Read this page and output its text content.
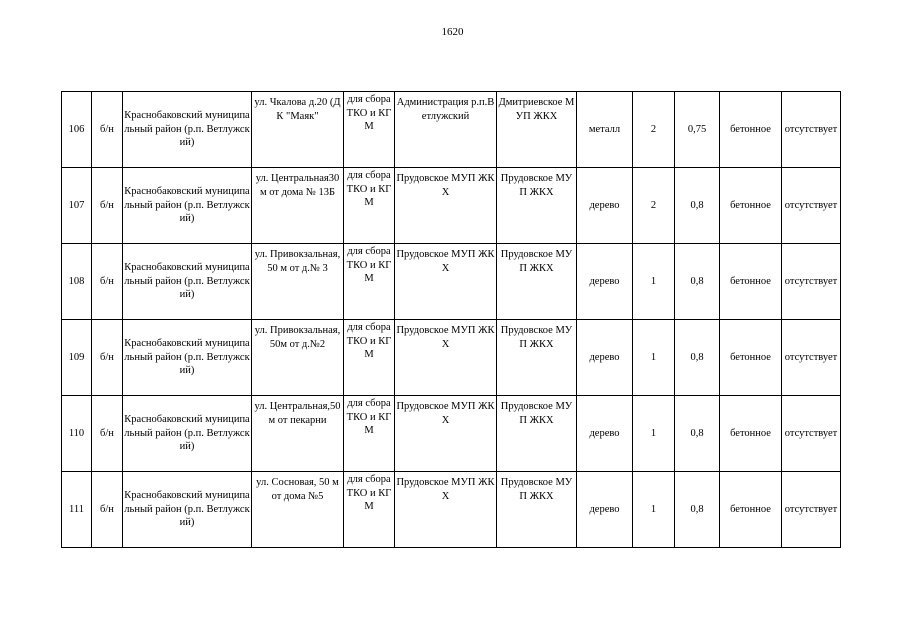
1620
106	б/н	Краснобаковский муниципальный район (р.п. Ветлужский)	ул. Чкалова д.20 (ДК "Маяк"	для сбора ТКО и КГМ	Администрация р.п.Ветлужский	Дмитриевское МУП ЖКХ	металл	2	0,75	бетонное	отсутствует
107	б/н	Краснобаковский муниципальный район (р.п. Ветлужский)	ул. Центральная30м от дома № 13Б	для сбора ТКО и КГМ	Прудовское МУП ЖКХ	Прудовское МУП ЖКХ	дерево	2	0,8	бетонное	отсутствует
108	б/н	Краснобаковский муниципальный район (р.п. Ветлужский)	ул. Привокзальная,50 м от д.№ 3	для сбора ТКО и КГМ	Прудовское МУП ЖКХ	Прудовское МУП ЖКХ	дерево	1	0,8	бетонное	отсутствует
109	б/н	Краснобаковский муниципальный район (р.п. Ветлужский)	ул. Привокзальная,50м от д.№2	для сбора ТКО и КГМ	Прудовское МУП ЖКХ	Прудовское МУП ЖКХ	дерево	1	0,8	бетонное	отсутствует
110	б/н	Краснобаковский муниципальный район (р.п. Ветлужский)	ул. Центральная,50 м от пекарни	для сбора ТКО и КГМ	Прудовское МУП ЖКХ	Прудовское МУП ЖКХ	дерево	1	0,8	бетонное	отсутствует
111	б/н	Краснобаковский муниципальный район (р.п. Ветлужский)	ул. Сосновая, 50 м от дома №5	для сбора ТКО и КГМ	Прудовское МУП ЖКХ	Прудовское МУП ЖКХ	дерево	1	0,8	бетонное	отсутствует
